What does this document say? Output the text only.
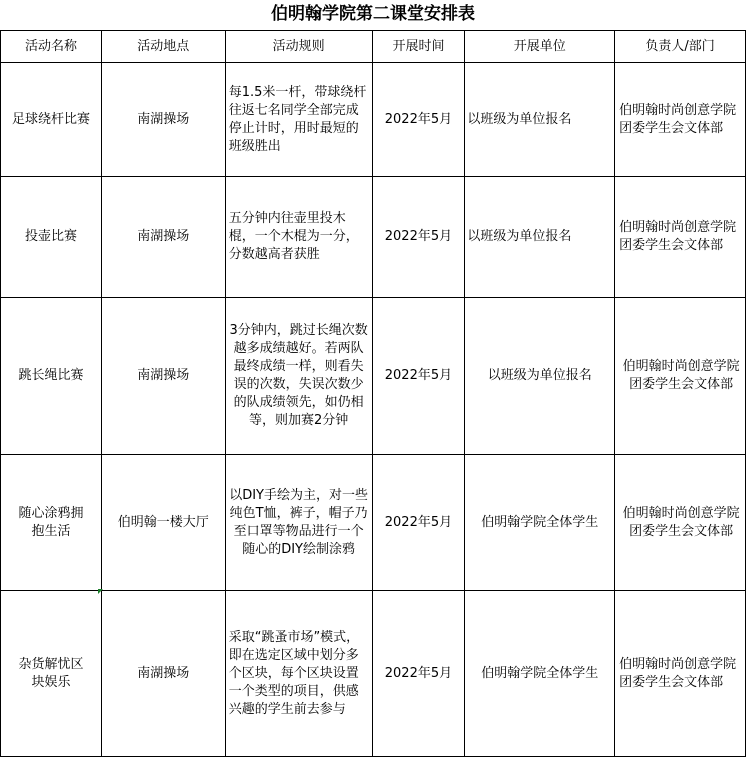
伯明翰学院第二课堂安排表
活动名称	活动地点	活动规则	开展时间	开展单位	负责人/部门
足球绕杆比赛	南湖操场	每1.5米一杆，带球绕杆往返七名同学全部完成停止计时，用时最短的班级胜出	2022年5月	以班级为单位报名	伯明翰时尚创意学院团委学生会文体部
投壶比赛	南湖操场	五分钟内往壶里投木棍，一个木棍为一分，分数越高者获胜	2022年5月	以班级为单位报名	伯明翰时尚创意学院团委学生会文体部
跳长绳比赛	南湖操场	3分钟内，跳过长绳次数越多成绩越好。若两队最终成绩一样，则看失误的次数，失误次数少的队成绩领先，如仍相等，则加赛2分钟	2022年5月	以班级为单位报名	伯明翰时尚创意学院团委学生会文体部
随心涂鸦拥抱生活	伯明翰一楼大厅	以DIY手绘为主，对一些纯色T恤，裤子，帽子乃至口罩等物品进行一个随心的DIY绘制涂鸦	2022年5月	伯明翰学院全体学生	伯明翰时尚创意学院团委学生会文体部
杂货解忧区块娱乐	南湖操场	采取“跳蚤市场”模式，即在选定区域中划分多个区块，每个区块设置一个类型的项目，供感兴趣的学生前去参与	2022年5月	伯明翰学院全体学生	伯明翰时尚创意学院团委学生会文体部
